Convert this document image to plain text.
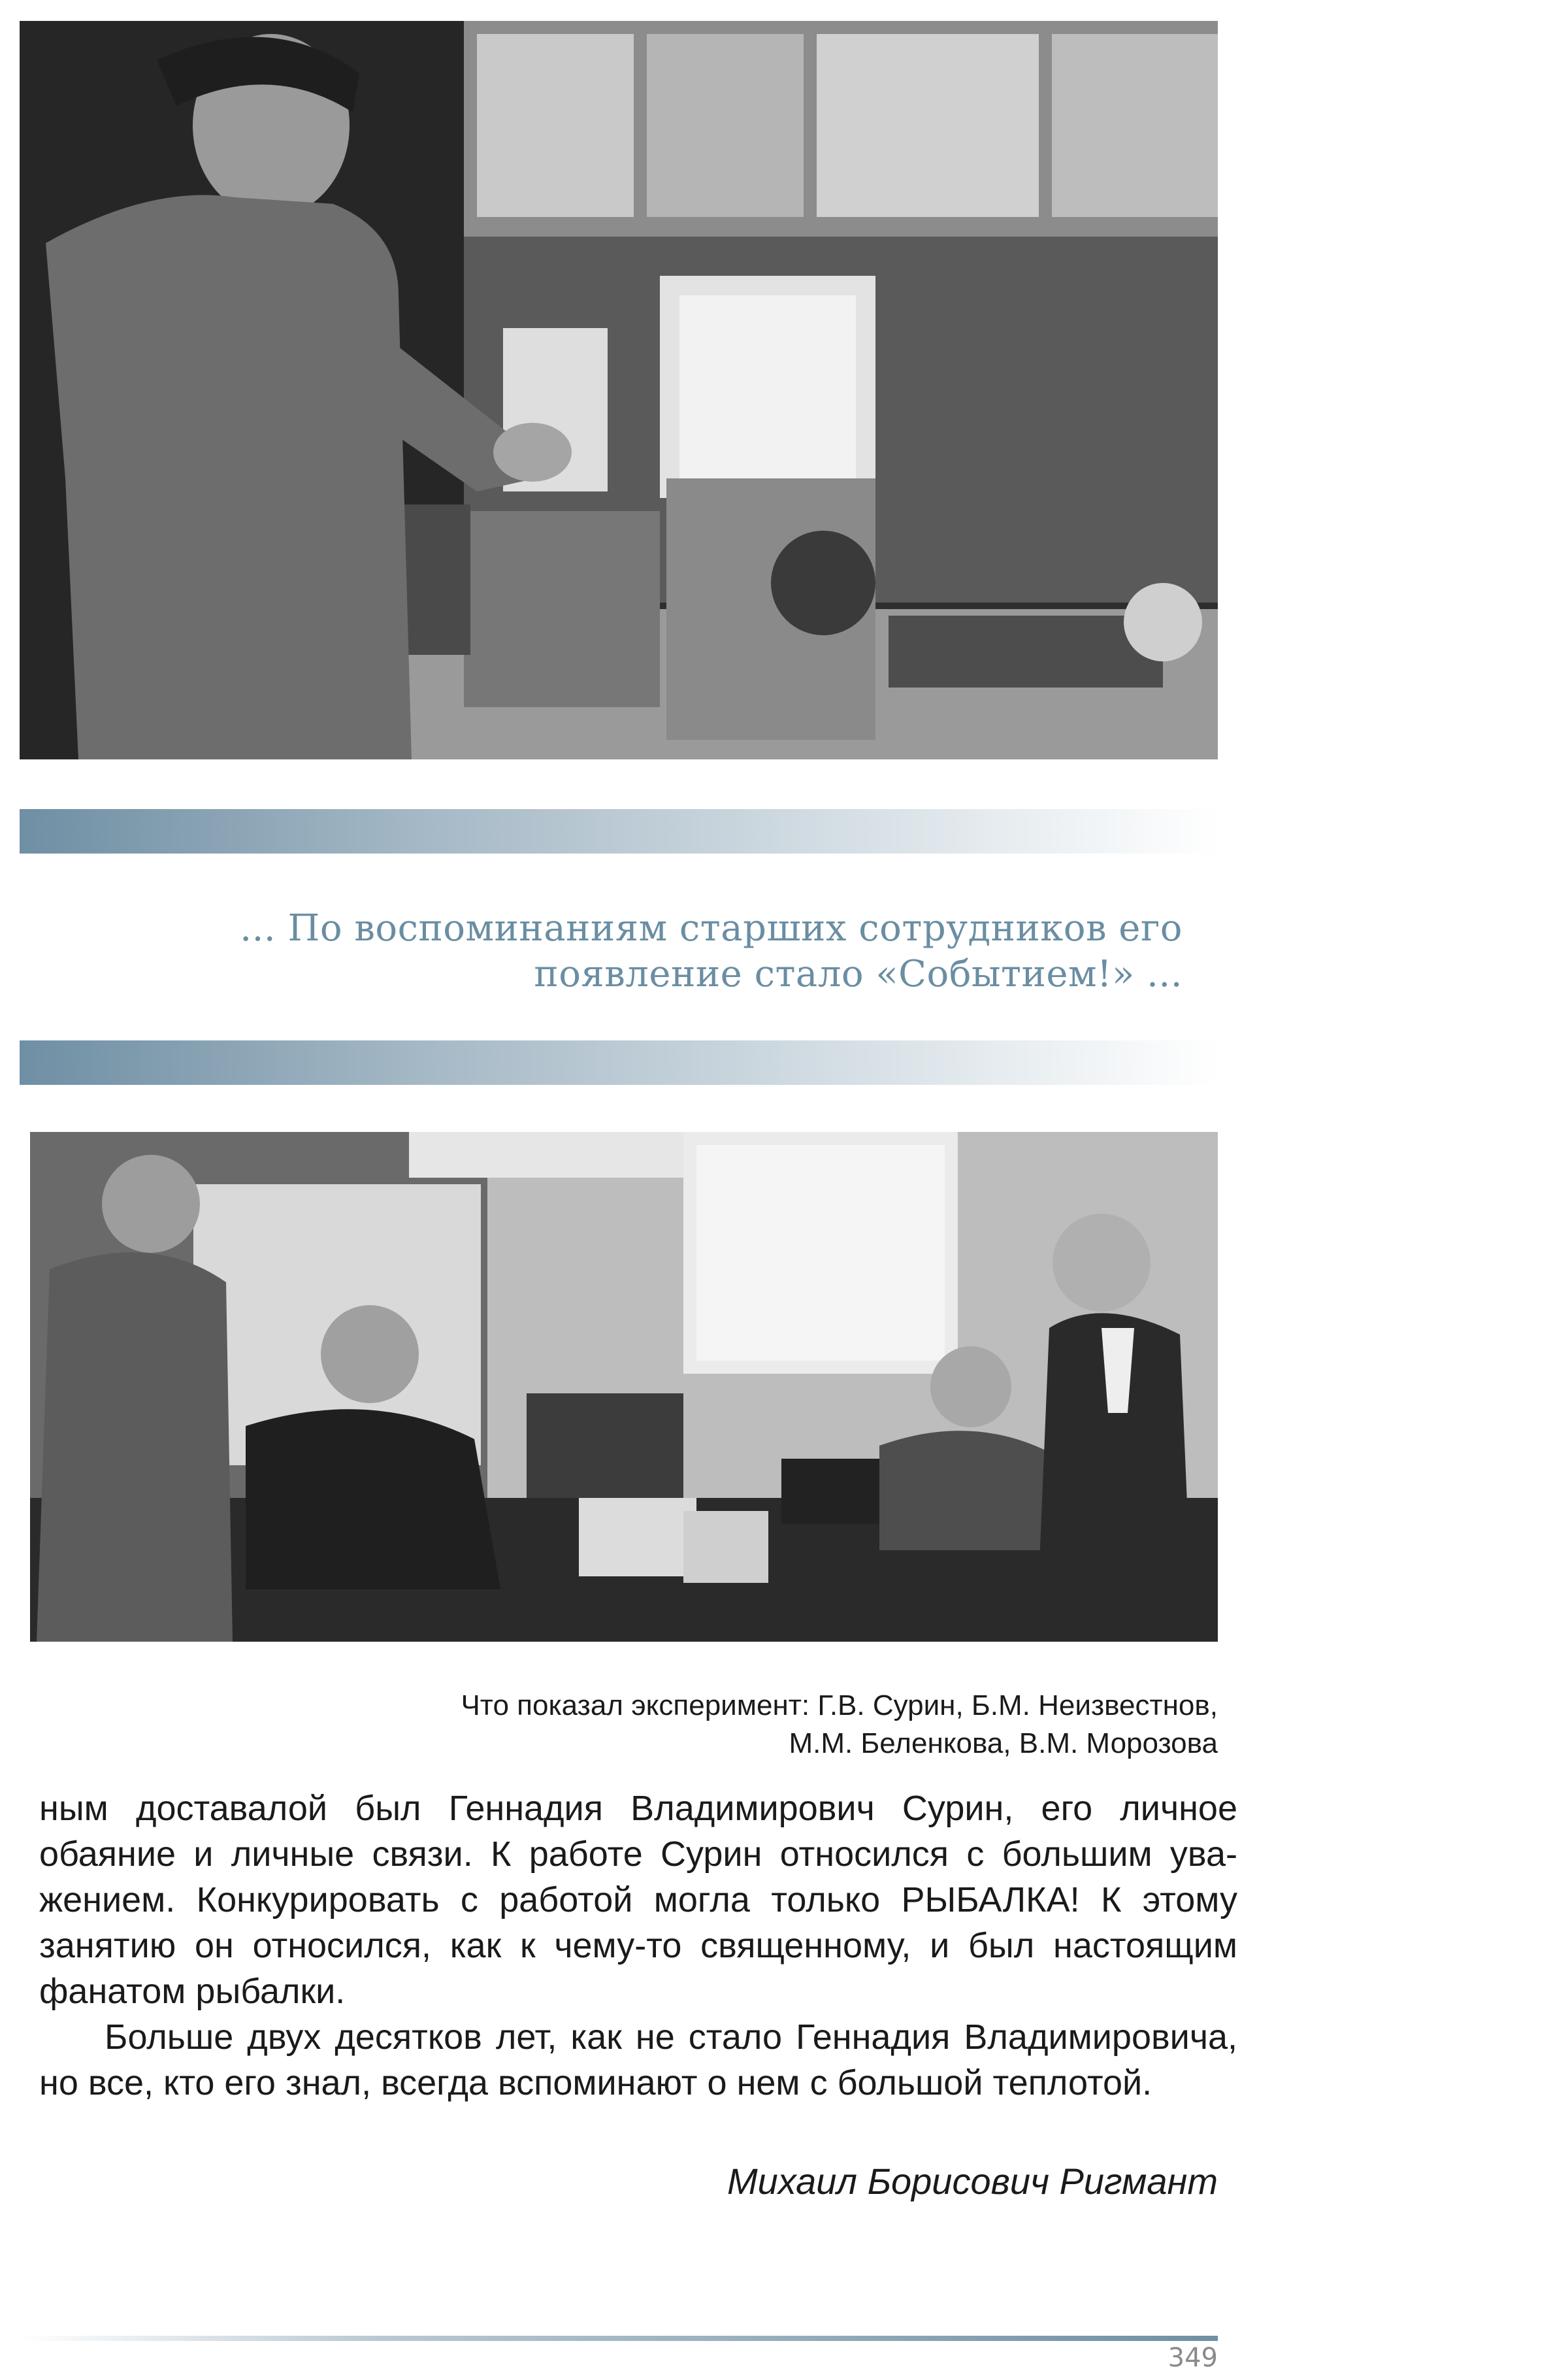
... По воспоминаниям старших сотрудников его
появление стало «Событием!» ...
Что показал эксперимент: Г.В. Сурин, Б.М. Неизвестнов,
М.М. Беленкова, В.М. Морозова
ным доставалой был Геннадия Владимирович Сурин, его личное
обаяние и личные связи. К работе Сурин относился с большим ува-
жением. Конкурировать с работой могла только РЫБАЛКА! К этому
занятию он относился, как к чему-то священному, и был настоящим
фанатом рыбалки.
Больше двух десятков лет, как не стало Геннадия Владимировича,
но все, кто его знал, всегда вспоминают о нем с большой теплотой.
Михаил Борисович Ригмант
349
